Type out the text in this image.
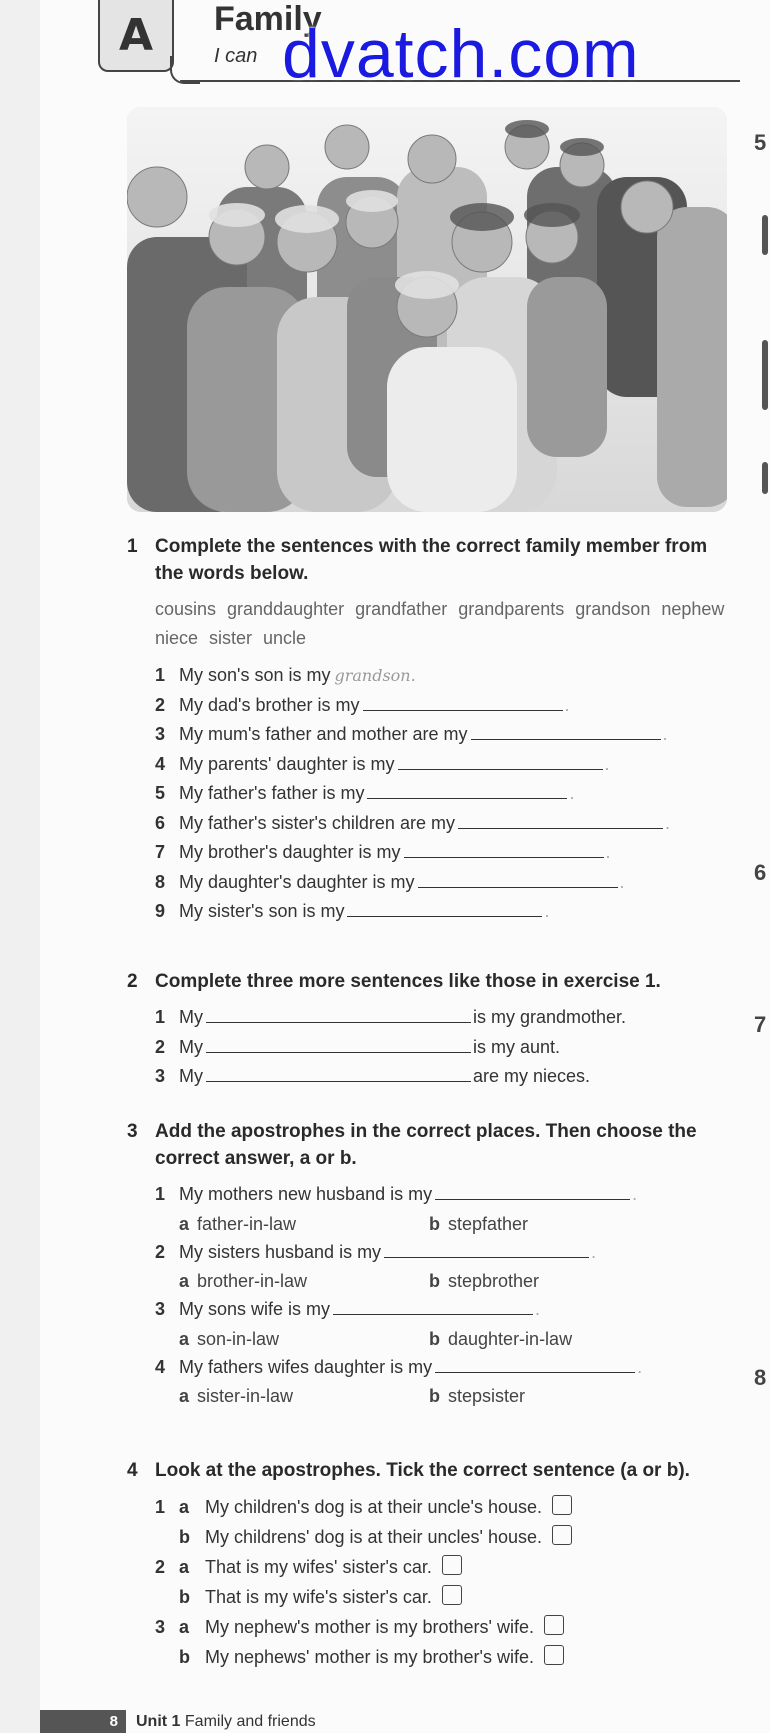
A Family
I can dvatch.com
5
6
7
8
1 Complete the sentences with the correct family member from the words below.
cousins granddaughter grandfather grandparents grandson nephew niece sister uncle
1 My son's son is my grandson.
2 My dad's brother is my	.
3 My mum's father and mother are my	.
4 My parents' daughter is my	.
5 My father's father is my	.
6 My father's sister's children are my	.
7 My brother's daughter is my	.
8 My daughter's daughter is my	.
9 My sister's son is my	.
2 Complete three more sentences like those in exercise 1.
1 My	is my grandmother.
2 My	is my aunt.
3 My	are my nieces.
3 Add the apostrophes in the correct places. Then choose the correct answer, a or b.
1 My mothers new husband is my	.
a father-in-law	b stepfather
2 My sisters husband is my	.
a brother-in-law	b stepbrother
3 My sons wife is my	.
a son-in-law	b daughter-in-law
4 My fathers wifes daughter is my	.
a sister-in-law	b stepsister
4 Look at the apostrophes. Tick the correct sentence (a or b).
1 a My children's dog is at their uncle's house.
b My childrens' dog is at their uncles' house.
2 a That is my wifes' sister's car.
b That is my wife's sister's car.
3 a My nephew's mother is my brothers' wife.
b My nephews' mother is my brother's wife.
8	Unit 1 Family and friends
